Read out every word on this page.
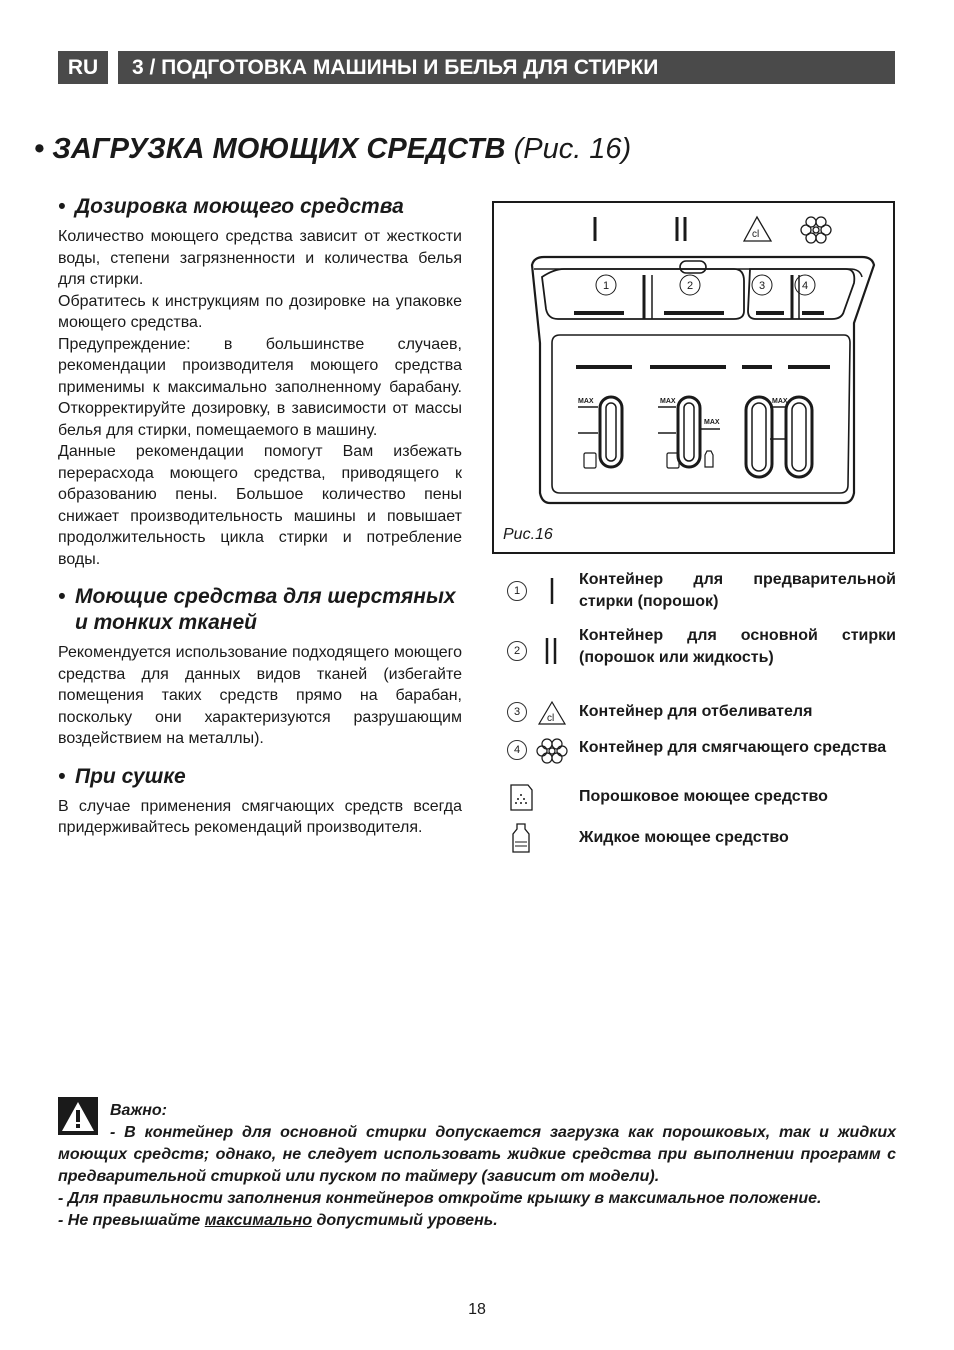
RU	3 / ПОДГОТОВКА МАШИНЫ И БЕЛЬЯ ДЛЯ СТИРКИ
• ЗАГРУЗКА МОЮЩИХ СРЕДСТВ (Рис. 16)
• Дозировка моющего средства

Количество моющего средства зависит от жесткости воды, степени загрязненности и количества белья для стирки.

Обратитесь к инструкциям по дозировке на упаковке моющего средства.

Предупреждение: в большинстве случаев, рекомендации производителя моющего средства применимы к максимально заполненному барабану. Откорректируйте дозировку, в зависимости от массы белья для стирки, помещаемого в машину.

Данные рекомендации помогут Вам избежать перерасхода моющего средства, приводящего к образованию пены. Большое количество пены снижает производительность машины и повышает продолжительность цикла стирки и потребление воды.

• Моющие средства для шерстяных и тонких тканей

Рекомендуется использование подходящего моющего средства для данных видов тканей (избегайте помещения таких средств прямо на барабан, поскольку они характеризуются разрушающим воздействием на металлы).

• При сушке

В случае применения смягчающих средств всегда придерживайтесь рекомендаций производителя.

cl
1	2	3	4
MAX	MAX
MAX
MAX
Рис.16
1
Контейнер для предварительной стирки (порошок)
2
Контейнер для основной стирки (порошок или жидкость)
3
cl Контейнер для отбеливателя
4	Контейнер для смягчающего средства
Порошковое моющее средство
Жидкое моющее средство

Важно:

- В контейнер для основной стирки допускается загрузка как порошковых, так и жидких моющих средств; однако, не следует использовать жидкие средства при выполнении программ с предварительной стиркой или пуском по таймеру (зависит от модели).

- Для правильности заполнения контейнеров откройте крышку в максимальное положение.

- Не превышайте максимально допустимый уровень.

18
